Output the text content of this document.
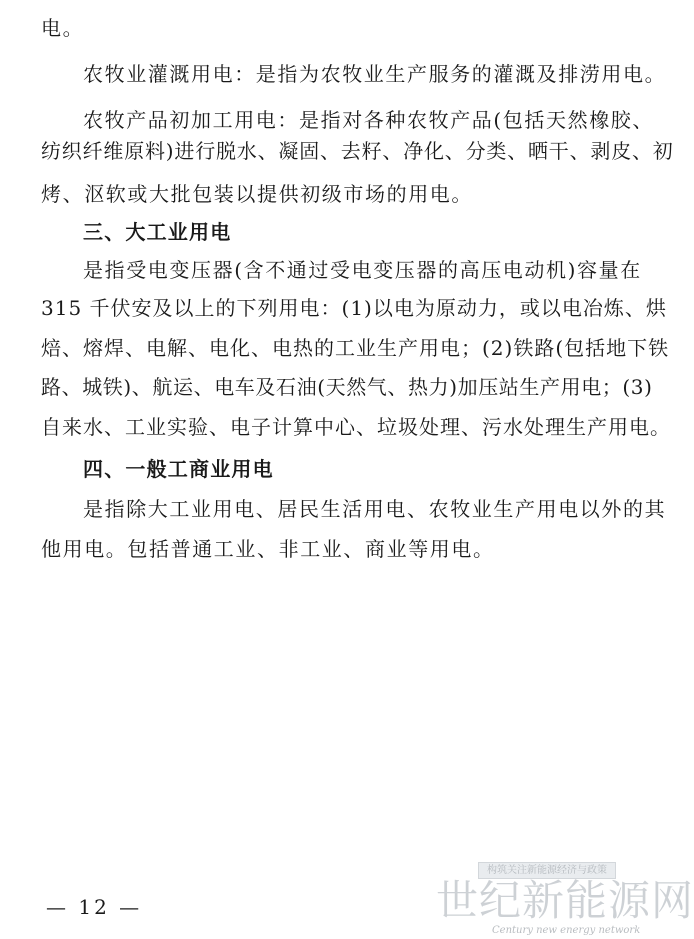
电。
农牧业灌溉用电：是指为农牧业生产服务的灌溉及排涝用电。
农牧产品初加工用电：是指对各种农牧产品(包括天然橡胶、
纺织纤维原料)进行脱水、凝固、去籽、净化、分类、晒干、剥皮、初
烤、沤软或大批包装以提供初级市场的用电。
三、大工业用电
是指受电变压器(含不通过受电变压器的高压电动机)容量在
315 千伏安及以上的下列用电：(1)以电为原动力，或以电冶炼、烘
焙、熔焊、电解、电化、电热的工业生产用电；(2)铁路(包括地下铁
路、城铁)、航运、电车及石油(天然气、热力)加压站生产用电；(3)
自来水、工业实验、电子计算中心、垃圾处理、污水处理生产用电。
四、一般工商业用电
是指除大工业用电、居民生活用电、农牧业生产用电以外的其
他用电。包括普通工业、非工业、商业等用电。
— 12 —
构筑关注新能源经济与政策
世纪新能源网
Century new energy network
